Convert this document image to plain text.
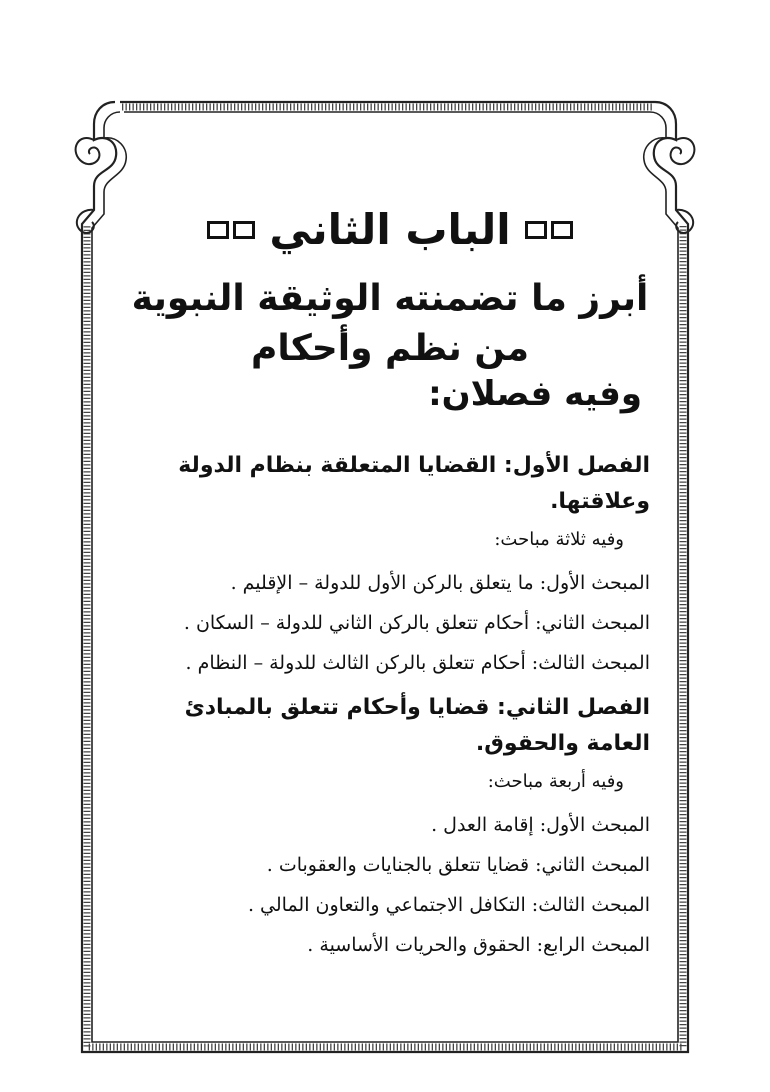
الباب الثاني
أبرز ما تضمنته الوثيقة النبوية
من نظم وأحكام

وفيه فصلان:

الفصل الأول: القضايا المتعلقة بنظام الدولة وعلاقتها.

وفيه ثلاثة مباحث:

المبحث الأول: ما يتعلق بالركن الأول للدولة – الإقليم .

المبحث الثاني: أحكام تتعلق بالركن الثاني للدولة – السكان .

المبحث الثالث: أحكام تتعلق بالركن الثالث للدولة – النظام .

الفصل الثاني: قضايا وأحكام تتعلق بالمبادئ العامة والحقوق.

وفيه أربعة مباحث:

المبحث الأول: إقامة العدل .

المبحث الثاني: قضايا تتعلق بالجنايات والعقوبات .

المبحث الثالث: التكافل الاجتماعي والتعاون المالي .

المبحث الرابع: الحقوق والحريات الأساسية .
